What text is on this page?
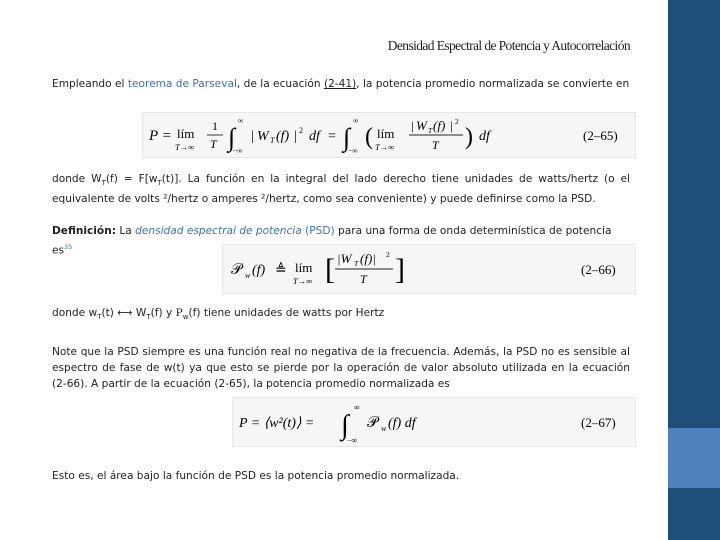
Densidad Espectral de Potencia y Autocorrelación
Empleando el teorema de Parseval, de la ecuación (2-41), la potencia promedio normalizada se convierte en
P = lím
T→∞
1
T ∫
∞
−∞
| W T (f) | 2 df = ∫
∞
−∞
( lím
T→∞
| W T (f) | 2
T ) df	(2–65)
donde $W_T(f) = F[w_T(t)]$. La función en la integral del lado derecho tiene unidades de watts/hertz (o el equivalente de volts ²/hertz o amperes ²/hertz, como sea conveniente) y puede definirse como la PSD.
Definición: La densidad espectral de potencia (PSD) para una forma de onda determinística de potencia $es^{35}$
𝒫 w (f) ≜ lím
T→∞ [ |W T (f)| 2
T ]	(2–66)
donde $w_T(t)$ ⟷ $W_T(f)$ y $P_w(f)$ tiene unidades de watts por Hertz
Note que la PSD siempre es una función real no negativa de la frecuencia. Además, la PSD no es sensible al espectro de fase de w(t) ya que esto se pierde por la operación de valor absoluto utilizada en la ecuación (2-66). A partir de la ecuación (2-65), la potencia promedio normalizada es
P = ⟨w²(t)⟩ = ∫
∞
−∞
𝒫 w (f) df	(2–67)
Esto es, el área bajo la función de PSD es la potencia promedio normalizada.
